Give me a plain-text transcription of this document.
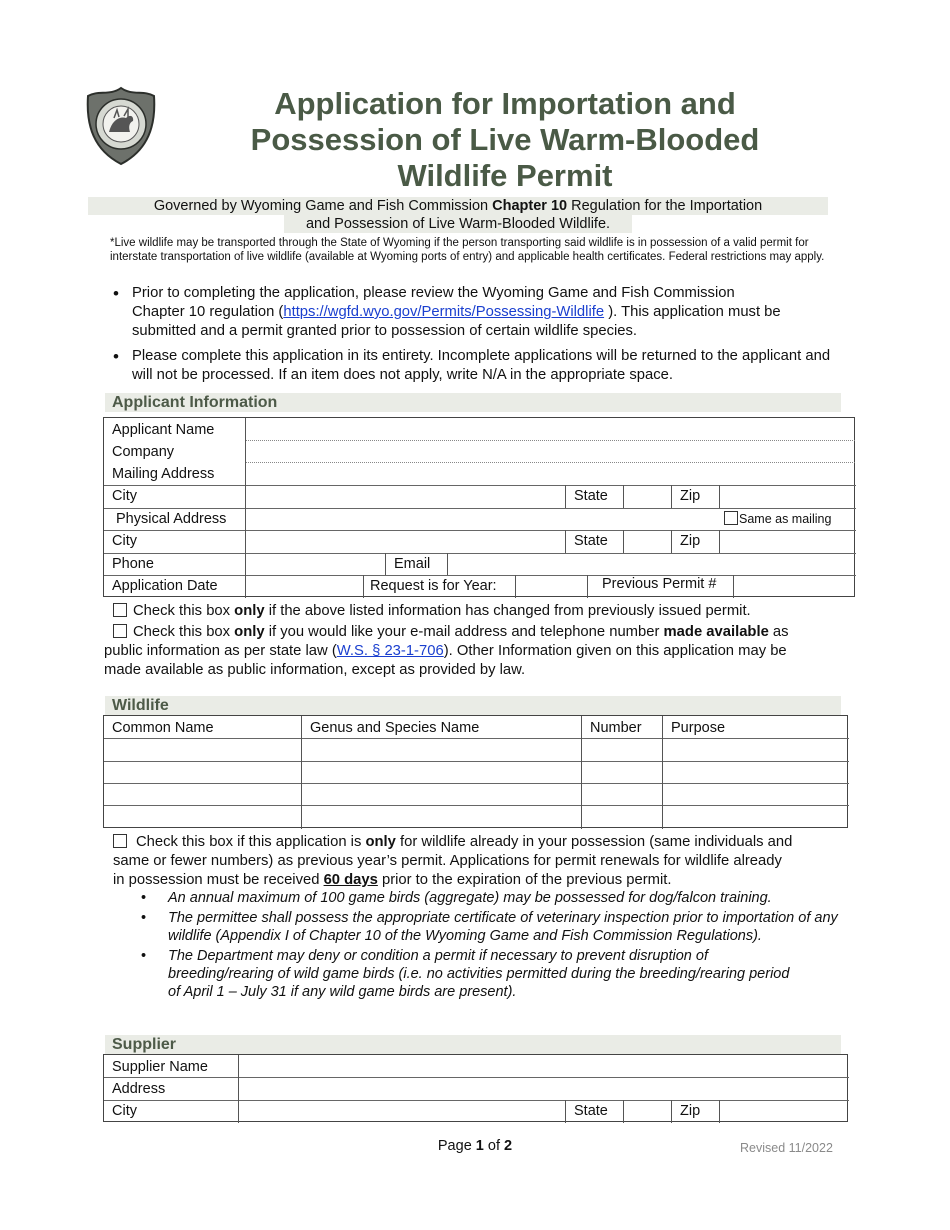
Application for Importation and
Possession of Live Warm-Blooded
Wildlife Permit
Governed by Wyoming Game and Fish Commission Chapter 10 Regulation for the Importation
and Possession of Live Warm-Blooded Wildlife.
*Live wildlife may be transported through the State of Wyoming if the person transporting said wildlife is in possession of a valid permit for interstate transportation of live wildlife (available at Wyoming ports of entry) and applicable health certificates. Federal restrictions may apply.
• Prior to completing the application, please review the Wyoming Game and Fish Commission
Chapter 10 regulation (https://wgfd.wyo.gov/Permits/Possessing-Wildlife ). This application must be
submitted and a permit granted prior to possession of certain wildlife species.
• Please complete this application in its entirety. Incomplete applications will be returned to the applicant and will not be processed. If an item does not apply, write N/A in the appropriate space.
Applicant Information
Applicant Name
Company
Mailing Address
City	State	Zip
Physical Address	Same as mailing
City	State	Zip
Phone	Email
Application Date	Request is for Year:	Previous Permit #
Check this box only if the above listed information has changed from previously issued permit.
Check this box only if you would like your e-mail address and telephone number made available as
public information as per state law (W.S. § 23-1-706). Other Information given on this application may be
made available as public information, except as provided by law.
Wildlife
Common Name	Genus and Species Name	Number	Purpose
Check this box if this application is only for wildlife already in your possession (same individuals and
same or fewer numbers) as previous year’s permit. Applications for permit renewals for wildlife already
in possession must be received 60 days prior to the expiration of the previous permit.
• An annual maximum of 100 game birds (aggregate) may be possessed for dog/falcon training.
• The permittee shall possess the appropriate certificate of veterinary inspection prior to importation of any wildlife (Appendix I of Chapter 10 of the Wyoming Game and Fish Commission Regulations).
• The Department may deny or condition a permit if necessary to prevent disruption of breeding/rearing of wild game birds (i.e. no activities permitted during the breeding/rearing period of April 1 – July 31 if any wild game birds are present).
Supplier
Supplier Name
Address
City	State	Zip
Page 1 of 2	Revised 11/2022
